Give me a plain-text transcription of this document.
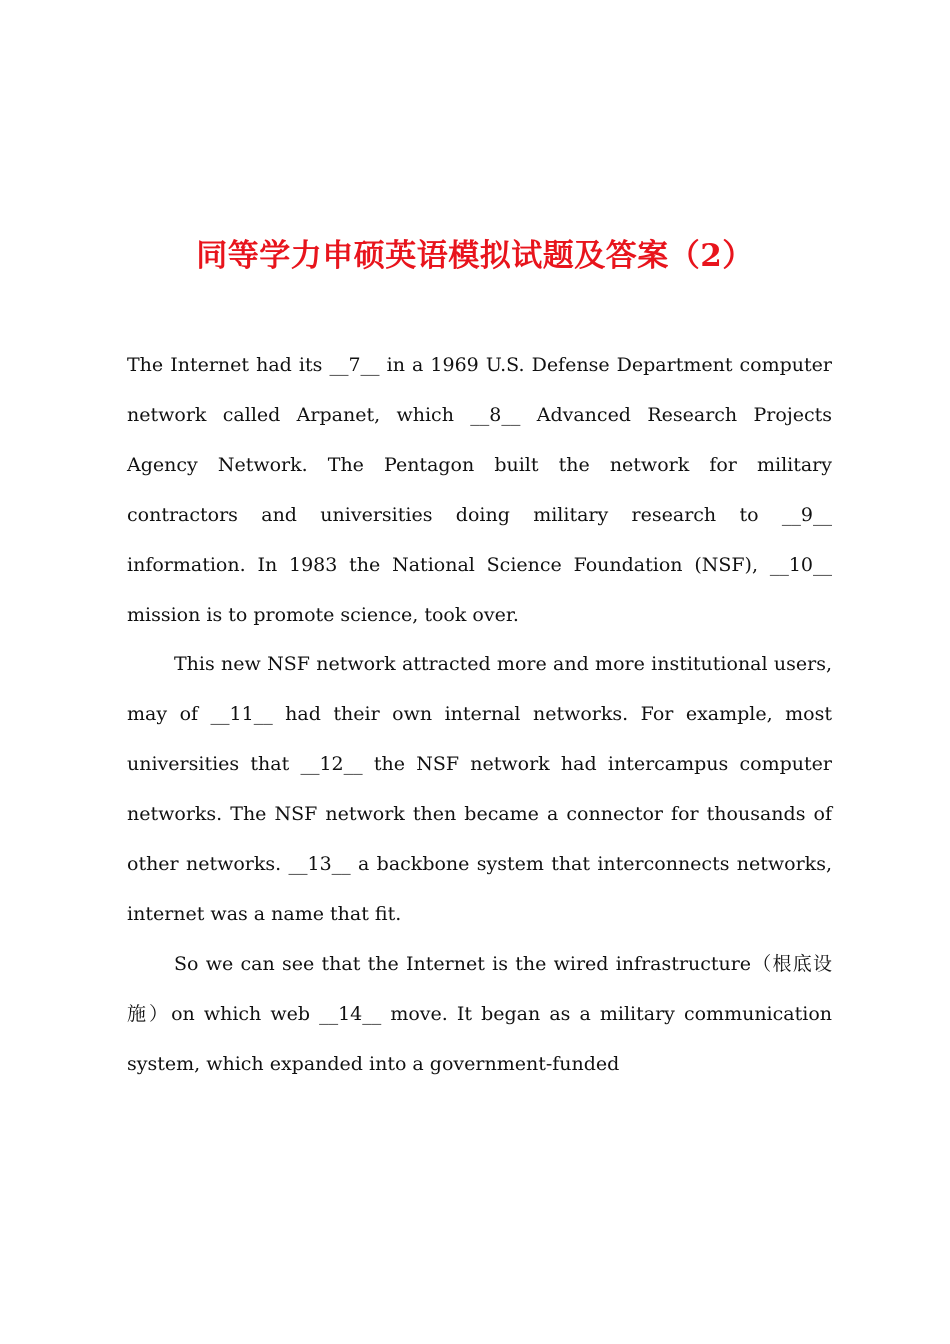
同等学力申硕英语模拟试题及答案（2）

The Internet had its __7__ in a 1969 U.S. Defense Department computer network called Arpanet, which __8__ Advanced Research Projects Agency Network. The Pentagon built the network for military contractors and universities doing military research to __9__ information. In 1983 the National Science Foundation (NSF), __10__ mission is to promote science, took over.

This new NSF network attracted more and more institutional users, may of __11__ had their own internal networks. For example, most universities that __12__ the NSF network had intercampus computer networks. The NSF network then became a connector for thousands of other networks. __13__ a backbone system that interconnects networks, internet was a name that fit.

So we can see that the Internet is the wired infrastructure（根底设施）on which web __14__ move. It began as a military communication system, which expanded into a government-funded
